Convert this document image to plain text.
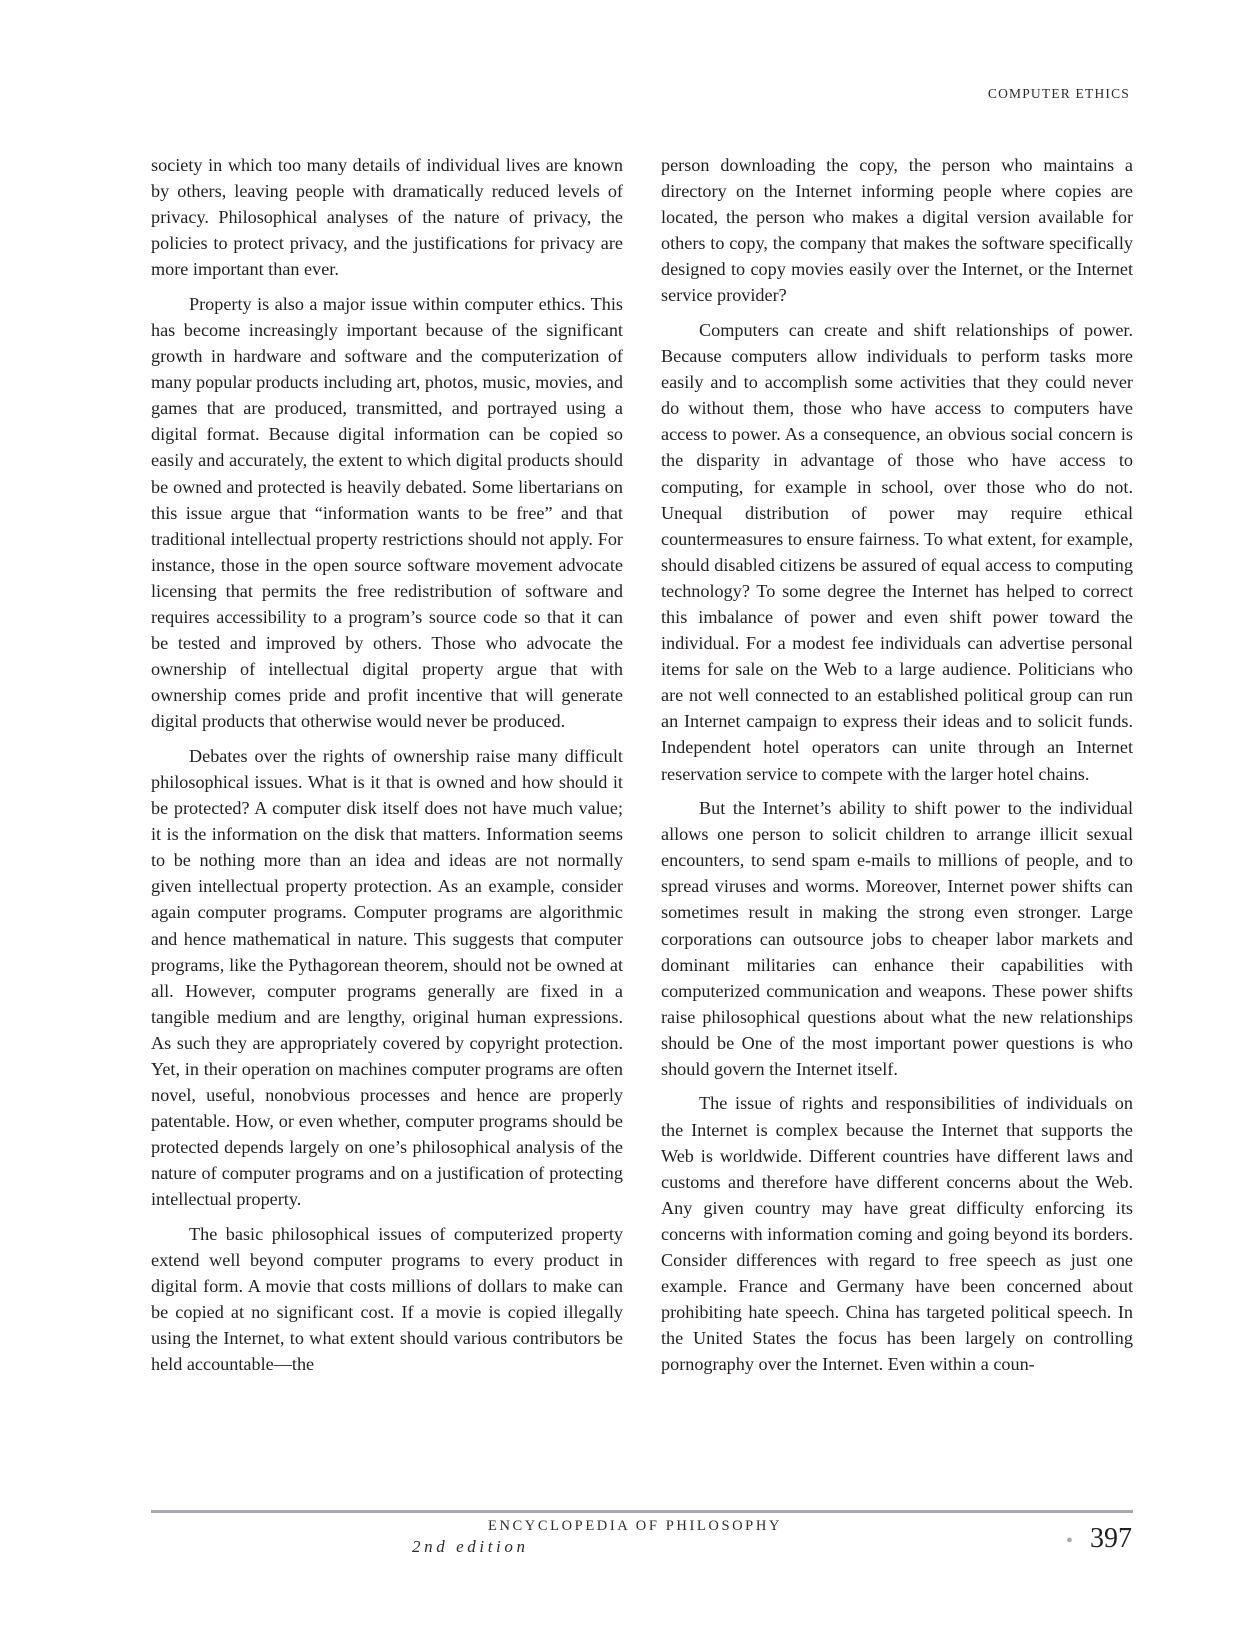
COMPUTER ETHICS

society in which too many details of individual lives are known by others, leaving people with dramatically reduced levels of privacy. Philosophical analyses of the nature of privacy, the policies to protect privacy, and the justifications for privacy are more important than ever.

Property is also a major issue within computer ethics. This has become increasingly important because of the significant growth in hardware and software and the computerization of many popular products including art, photos, music, movies, and games that are produced, transmitted, and portrayed using a digital format. Because digital information can be copied so easily and accurately, the extent to which digital products should be owned and protected is heavily debated. Some libertarians on this issue argue that “information wants to be free” and that traditional intellectual property restrictions should not apply. For instance, those in the open source software movement advocate licensing that permits the free redistribution of software and requires accessibility to a program’s source code so that it can be tested and improved by others. Those who advocate the ownership of intellectual digital property argue that with ownership comes pride and profit incentive that will generate digital products that otherwise would never be produced.

Debates over the rights of ownership raise many difficult philosophical issues. What is it that is owned and how should it be protected? A computer disk itself does not have much value; it is the information on the disk that matters. Information seems to be nothing more than an idea and ideas are not normally given intellectual property protection. As an example, consider again computer programs. Computer programs are algorithmic and hence mathematical in nature. This suggests that computer programs, like the Pythagorean theorem, should not be owned at all. However, computer programs generally are fixed in a tangible medium and are lengthy, original human expressions. As such they are appropriately covered by copyright protection. Yet, in their operation on machines computer programs are often novel, useful, nonobvious processes and hence are properly patentable. How, or even whether, computer programs should be protected depends largely on one’s philosophical analysis of the nature of computer programs and on a justification of protecting intellectual property.

The basic philosophical issues of computerized property extend well beyond computer programs to every product in digital form. A movie that costs millions of dollars to make can be copied at no significant cost. If a movie is copied illegally using the Internet, to what extent should various contributors be held accountable—the

person downloading the copy, the person who maintains a directory on the Internet informing people where copies are located, the person who makes a digital version available for others to copy, the company that makes the software specifically designed to copy movies easily over the Internet, or the Internet service provider?

Computers can create and shift relationships of power. Because computers allow individuals to perform tasks more easily and to accomplish some activities that they could never do without them, those who have access to computers have access to power. As a consequence, an obvious social concern is the disparity in advantage of those who have access to computing, for example in school, over those who do not. Unequal distribution of power may require ethical countermeasures to ensure fairness. To what extent, for example, should disabled citizens be assured of equal access to computing technology? To some degree the Internet has helped to correct this imbalance of power and even shift power toward the individual. For a modest fee individuals can advertise personal items for sale on the Web to a large audience. Politicians who are not well connected to an established political group can run an Internet campaign to express their ideas and to solicit funds. Independent hotel operators can unite through an Internet reservation service to compete with the larger hotel chains.

But the Internet’s ability to shift power to the individual allows one person to solicit children to arrange illicit sexual encounters, to send spam e-mails to millions of people, and to spread viruses and worms. Moreover, Internet power shifts can sometimes result in making the strong even stronger. Large corporations can outsource jobs to cheaper labor markets and dominant militaries can enhance their capabilities with computerized communication and weapons. These power shifts raise philosophical questions about what the new relationships should be One of the most important power questions is who should govern the Internet itself.

The issue of rights and responsibilities of individuals on the Internet is complex because the Internet that supports the Web is worldwide. Different countries have different laws and customs and therefore have different concerns about the Web. Any given country may have great difficulty enforcing its concerns with information coming and going beyond its borders. Consider differences with regard to free speech as just one example. France and Germany have been concerned about prohibiting hate speech. China has targeted political speech. In the United States the focus has been largely on controlling pornography over the Internet. Even within a coun-

ENCYCLOPEDIA OF PHILOSOPHY
2nd edition	• 397
